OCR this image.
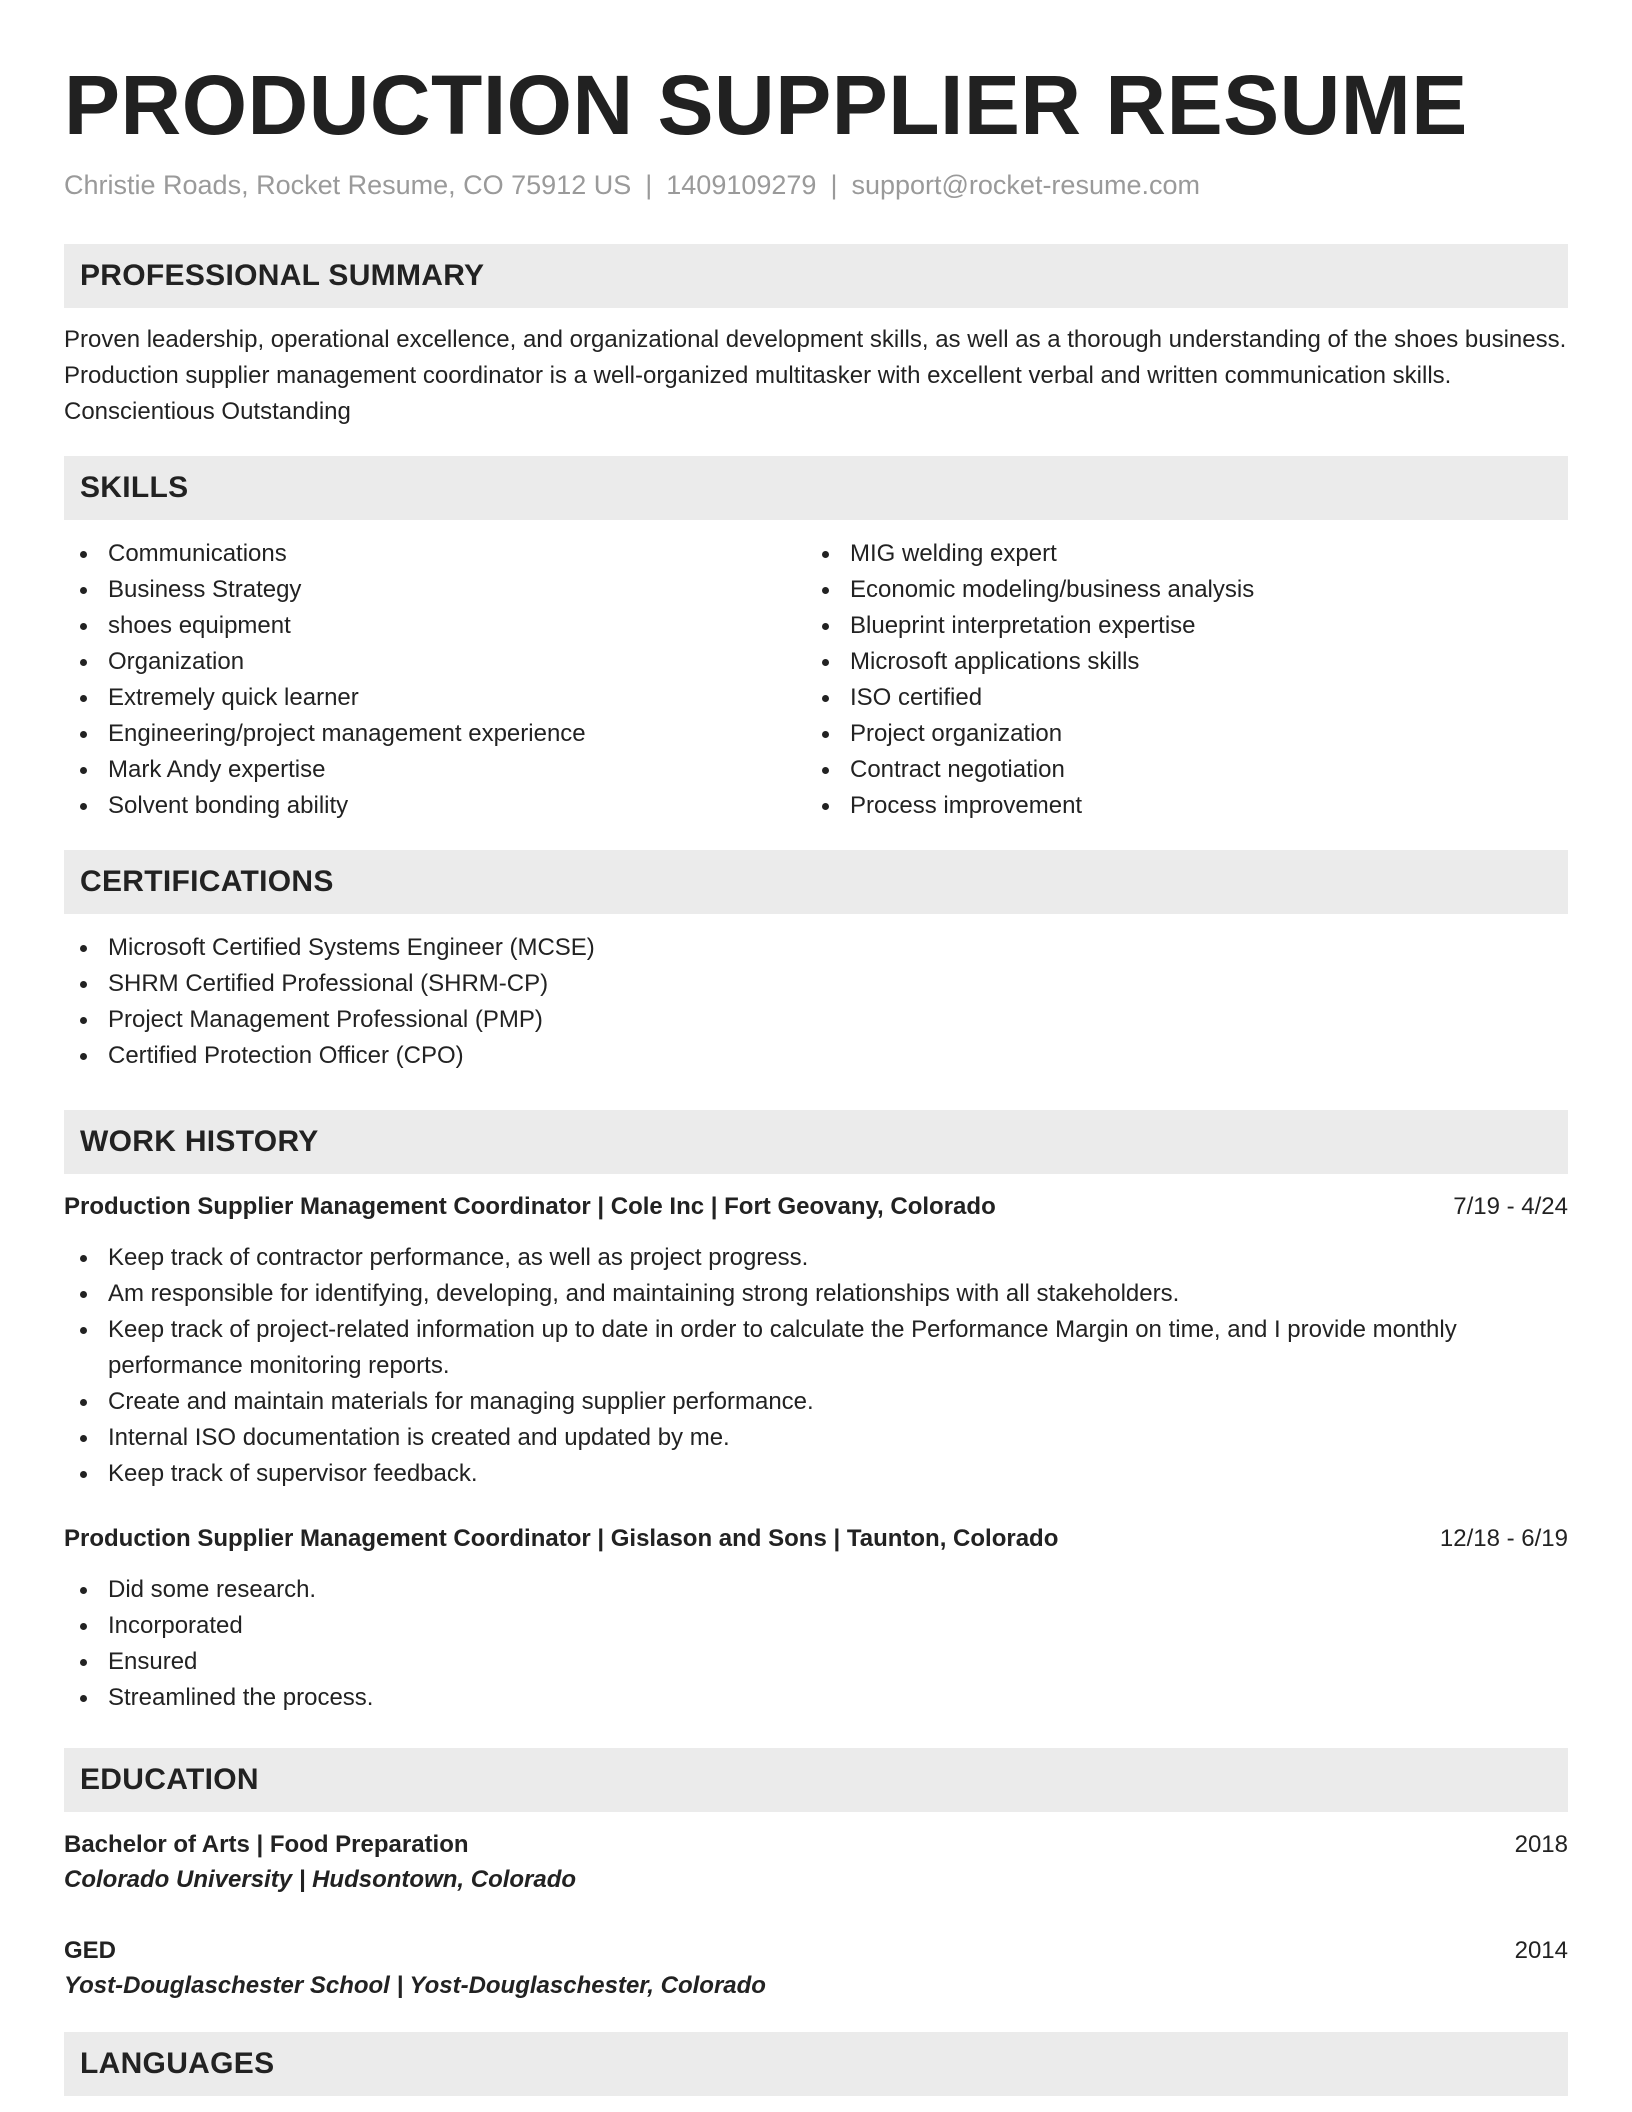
PRODUCTION SUPPLIER RESUME
Christie Roads, Rocket Resume, CO 75912 US | 1409109279 | support@rocket-resume.com
PROFESSIONAL SUMMARY
Proven leadership, operational excellence, and organizational development skills, as well as a thorough understanding of the shoes business. Production supplier management coordinator is a well-organized multitasker with excellent verbal and written communication skills. Conscientious Outstanding
SKILLS
Communications
Business Strategy
shoes equipment
Organization
Extremely quick learner
Engineering/project management experience
Mark Andy expertise
Solvent bonding ability
MIG welding expert
Economic modeling/business analysis
Blueprint interpretation expertise
Microsoft applications skills
ISO certified
Project organization
Contract negotiation
Process improvement
CERTIFICATIONS
Microsoft Certified Systems Engineer (MCSE)
SHRM Certified Professional (SHRM-CP)
Project Management Professional (PMP)
Certified Protection Officer (CPO)
WORK HISTORY
Production Supplier Management Coordinator | Cole Inc | Fort Geovany, Colorado	7/19 - 4/24
Keep track of contractor performance, as well as project progress.
Am responsible for identifying, developing, and maintaining strong relationships with all stakeholders.
Keep track of project-related information up to date in order to calculate the Performance Margin on time, and I provide monthly performance monitoring reports.
Create and maintain materials for managing supplier performance.
Internal ISO documentation is created and updated by me.
Keep track of supervisor feedback.
Production Supplier Management Coordinator | Gislason and Sons | Taunton, Colorado	12/18 - 6/19
Did some research.
Incorporated
Ensured
Streamlined the process.
EDUCATION
Bachelor of Arts | Food Preparation	2018
Colorado University | Hudsontown, Colorado
GED	2014
Yost-Douglaschester School | Yost-Douglaschester, Colorado
LANGUAGES
